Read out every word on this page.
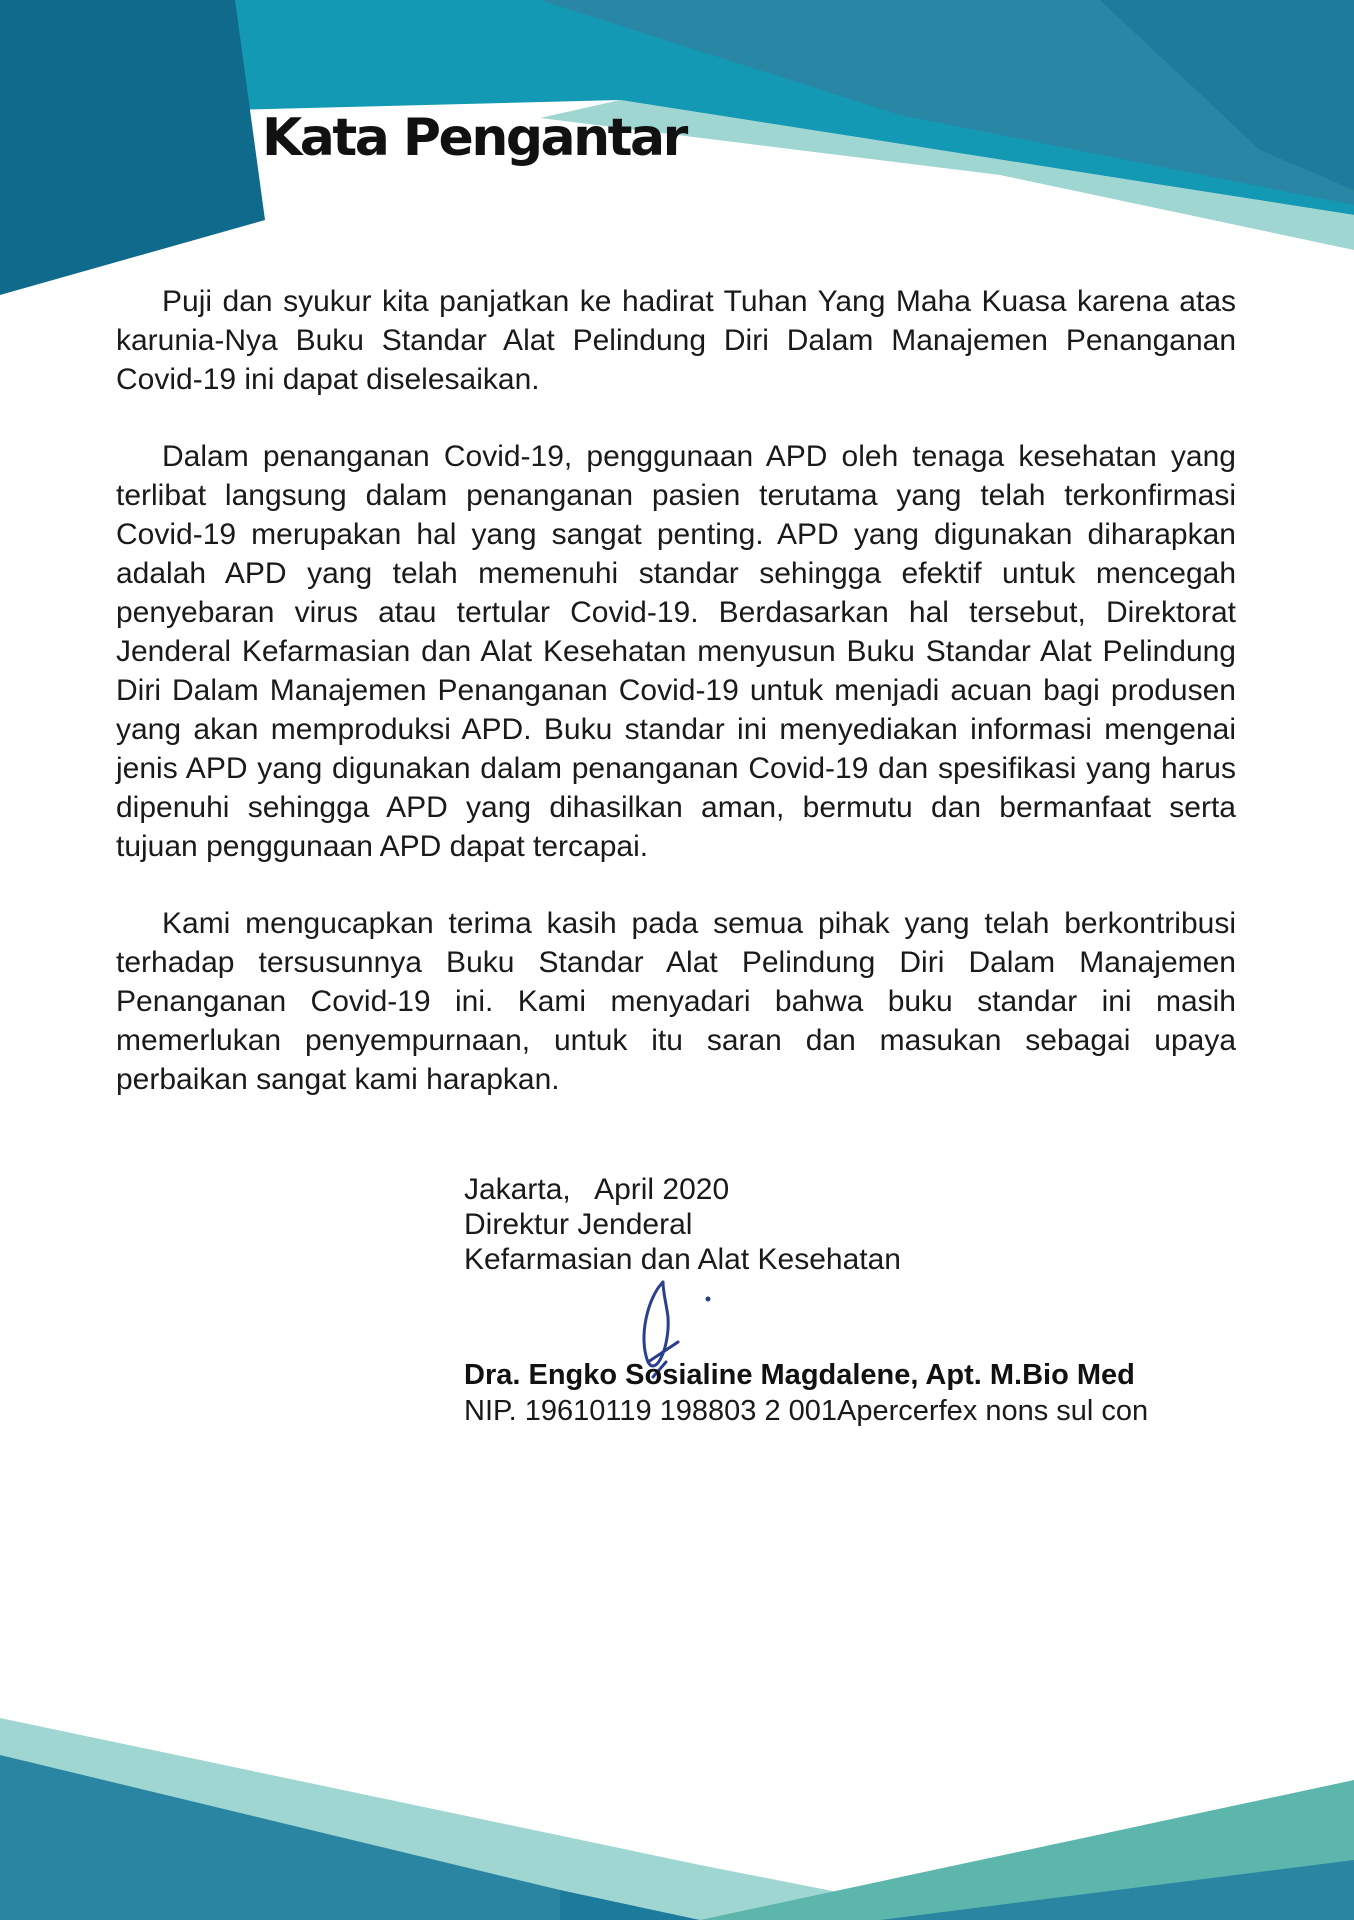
Kata Pengantar

Puji dan syukur kita panjatkan ke hadirat Tuhan Yang Maha Kuasa karena atas karunia-Nya Buku Standar Alat Pelindung Diri Dalam Manajemen Penanganan Covid-19 ini dapat diselesaikan.

Dalam penanganan Covid-19, penggunaan APD oleh tenaga kesehatan yang terlibat langsung dalam penanganan pasien terutama yang telah terkonfirmasi Covid-19 merupakan hal yang sangat penting. APD yang digunakan diharapkan adalah APD yang telah memenuhi standar sehingga efektif untuk mencegah penyebaran virus atau tertular Covid-19. Berdasarkan hal tersebut, Direktorat Jenderal Kefarmasian dan Alat Kesehatan menyusun Buku Standar Alat Pelindung Diri Dalam Manajemen Penanganan Covid-19 untuk menjadi acuan bagi produsen yang akan memproduksi APD. Buku standar ini menyediakan informasi mengenai jenis APD yang digunakan dalam penanganan Covid-19 dan spesifikasi yang harus dipenuhi sehingga APD yang dihasilkan aman, bermutu dan bermanfaat serta tujuan penggunaan APD dapat tercapai.

Kami mengucapkan terima kasih pada semua pihak yang telah berkontribusi terhadap tersusunnya Buku Standar Alat Pelindung Diri Dalam Manajemen Penanganan Covid-19 ini. Kami menyadari bahwa buku standar ini masih memerlukan penyempurnaan, untuk itu saran dan masukan sebagai upaya perbaikan sangat kami harapkan.

Jakarta,   April 2020
Direktur Jenderal
Kefarmasian dan Alat Kesehatan
Dra. Engko Sosialine Magdalene, Apt. M.Bio Med
NIP. 19610119 198803 2 001Apercerfex nons sul con
